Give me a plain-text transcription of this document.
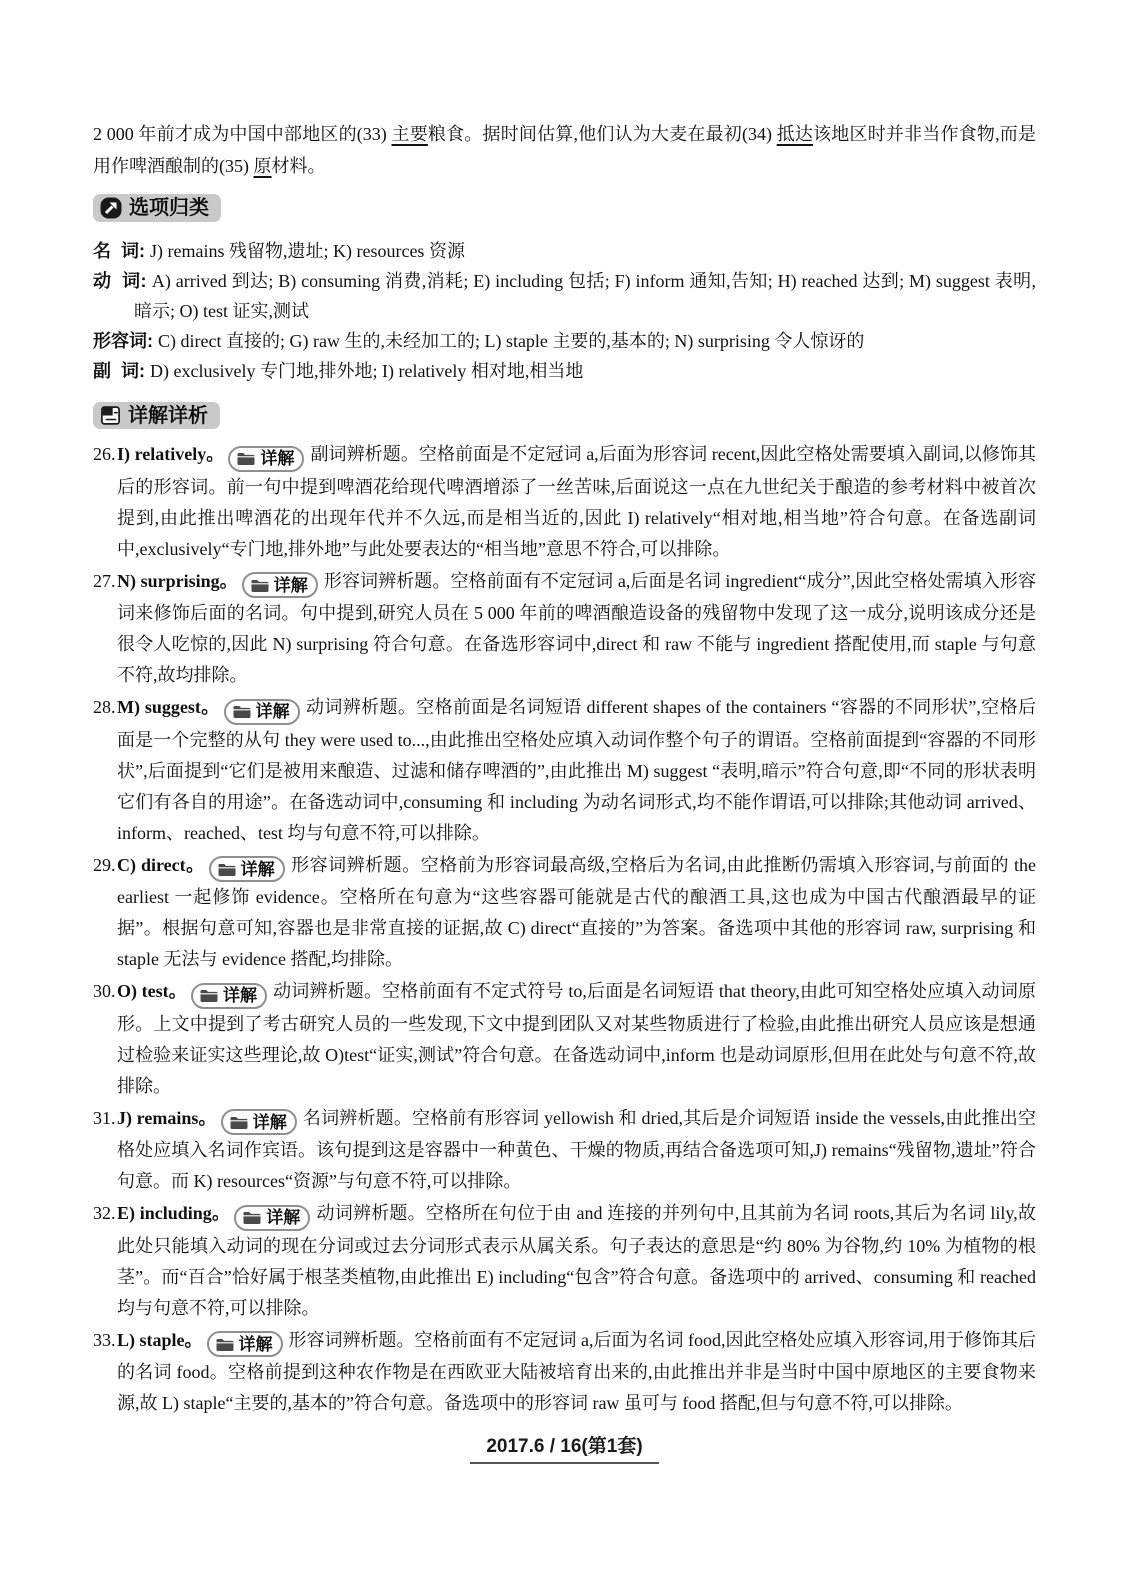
2 000 年前才成为中国中部地区的(33) 主要粮食。据时间估算,他们认为大麦在最初(34) 抵达该地区时并非当作食物,而是用作啤酒酿制的(35) 原材料。

选项归类
名  词: J) remains 残留物,遗址; K) resources 资源
动  词: A) arrived 到达; B) consuming 消费,消耗; E) including 包括; F) inform 通知,告知; H) reached 达到; M) suggest 表明,暗示; O) test 证实,测试
形容词: C) direct 直接的; G) raw 生的,未经加工的; L) staple 主要的,基本的; N) surprising 令人惊讶的
副  词: D) exclusively 专门地,排外地; I) relatively 相对地,相当地
详解详析
26.I) relatively。 详解 副词辨析题。空格前面是不定冠词 a,后面为形容词 recent,因此空格处需要填入副词,以修饰其后的形容词。前一句中提到啤酒花给现代啤酒增添了一丝苦味,后面说这一点在九世纪关于酿造的参考材料中被首次提到,由此推出啤酒花的出现年代并不久远,而是相当近的,因此 I) relatively“相对地,相当地”符合句意。在备选副词中,exclusively“专门地,排外地”与此处要表达的“相当地”意思不符合,可以排除。
27.N) surprising。 详解 形容词辨析题。空格前面有不定冠词 a,后面是名词 ingredient“成分”,因此空格处需填入形容词来修饰后面的名词。句中提到,研究人员在 5 000 年前的啤酒酿造设备的残留物中发现了这一成分,说明该成分还是很令人吃惊的,因此 N) surprising 符合句意。在备选形容词中,direct 和 raw 不能与 ingredient 搭配使用,而 staple 与句意不符,故均排除。
28.M) suggest。 详解 动词辨析题。空格前面是名词短语 different shapes of the containers “容器的不同形状”,空格后面是一个完整的从句 they were used to...,由此推出空格处应填入动词作整个句子的谓语。空格前面提到“容器的不同形状”,后面提到“它们是被用来酿造、过滤和储存啤酒的”,由此推出 M) suggest “表明,暗示”符合句意,即“不同的形状表明它们有各自的用途”。在备选动词中,consuming 和 including 为动名词形式,均不能作谓语,可以排除;其他动词 arrived、inform、reached、test 均与句意不符,可以排除。
29.C) direct。 详解 形容词辨析题。空格前为形容词最高级,空格后为名词,由此推断仍需填入形容词,与前面的 the earliest 一起修饰 evidence。空格所在句意为“这些容器可能就是古代的酿酒工具,这也成为中国古代酿酒最早的证据”。根据句意可知,容器也是非常直接的证据,故 C) direct“直接的”为答案。备选项中其他的形容词 raw, surprising 和 staple 无法与 evidence 搭配,均排除。
30.O) test。 详解 动词辨析题。空格前面有不定式符号 to,后面是名词短语 that theory,由此可知空格处应填入动词原形。上文中提到了考古研究人员的一些发现,下文中提到团队又对某些物质进行了检验,由此推出研究人员应该是想通过检验来证实这些理论,故 O)test“证实,测试”符合句意。在备选动词中,inform 也是动词原形,但用在此处与句意不符,故排除。
31.J) remains。 详解 名词辨析题。空格前有形容词 yellowish 和 dried,其后是介词短语 inside the vessels,由此推出空格处应填入名词作宾语。该句提到这是容器中一种黄色、干燥的物质,再结合备选项可知,J) remains“残留物,遗址”符合句意。而 K) resources“资源”与句意不符,可以排除。
32.E) including。 详解 动词辨析题。空格所在句位于由 and 连接的并列句中,且其前为名词 roots,其后为名词 lily,故此处只能填入动词的现在分词或过去分词形式表示从属关系。句子表达的意思是“约 80% 为谷物,约 10% 为植物的根茎”。而“百合”恰好属于根茎类植物,由此推出 E) including“包含”符合句意。备选项中的 arrived、consuming 和 reached 均与句意不符,可以排除。
33.L) staple。 详解 形容词辨析题。空格前面有不定冠词 a,后面为名词 food,因此空格处应填入形容词,用于修饰其后的名词 food。空格前提到这种农作物是在西欧亚大陆被培育出来的,由此推出并非是当时中国中原地区的主要食物来源,故 L) staple“主要的,基本的”符合句意。备选项中的形容词 raw 虽可与 food 搭配,但与句意不符,可以排除。
2017.6 / 16(第1套)
